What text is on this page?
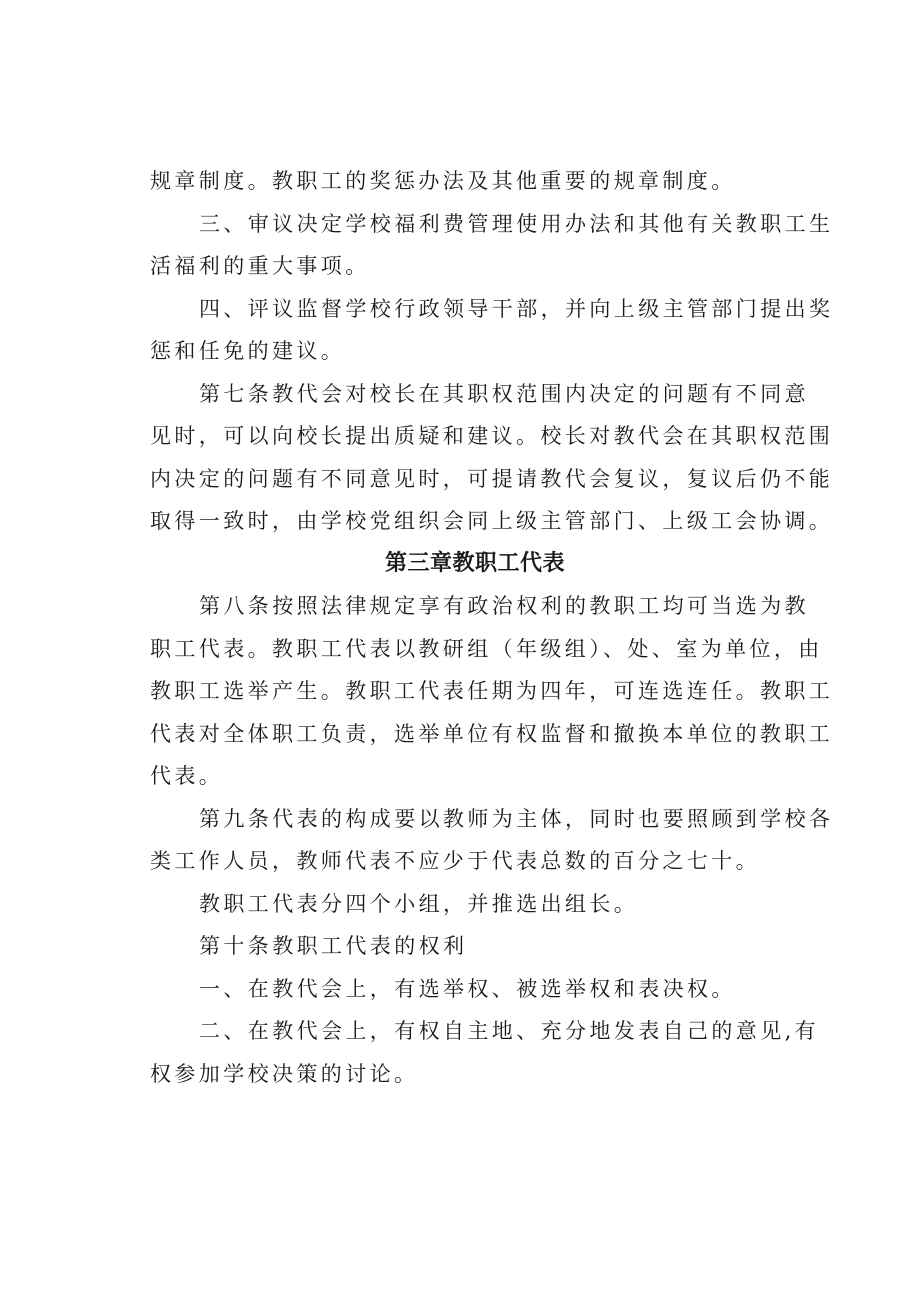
规章制度。教职工的奖惩办法及其他重要的规章制度。
三、审议决定学校福利费管理使用办法和其他有关教职工生
活福利的重大事项。
四、评议监督学校行政领导干部，并向上级主管部门提出奖
惩和任免的建议。
第七条教代会对校长在其职权范围内决定的问题有不同意
见时，可以向校长提出质疑和建议。校长对教代会在其职权范围
内决定的问题有不同意见时，可提请教代会复议，复议后仍不能
取得一致时，由学校党组织会同上级主管部门、上级工会协调。
第三章教职工代表
第八条按照法律规定享有政治权利的教职工均可当选为教
职工代表。教职工代表以教研组（年级组）、处、室为单位，由
教职工选举产生。教职工代表任期为四年，可连选连任。教职工
代表对全体职工负责，选举单位有权监督和撤换本单位的教职工
代表。
第九条代表的构成要以教师为主体，同时也要照顾到学校各
类工作人员，教师代表不应少于代表总数的百分之七十。
教职工代表分四个小组，并推选出组长。
第十条教职工代表的权利
一、在教代会上，有选举权、被选举权和表决权。
二、在教代会上，有权自主地、充分地发表自己的意见,有
权参加学校决策的讨论。
